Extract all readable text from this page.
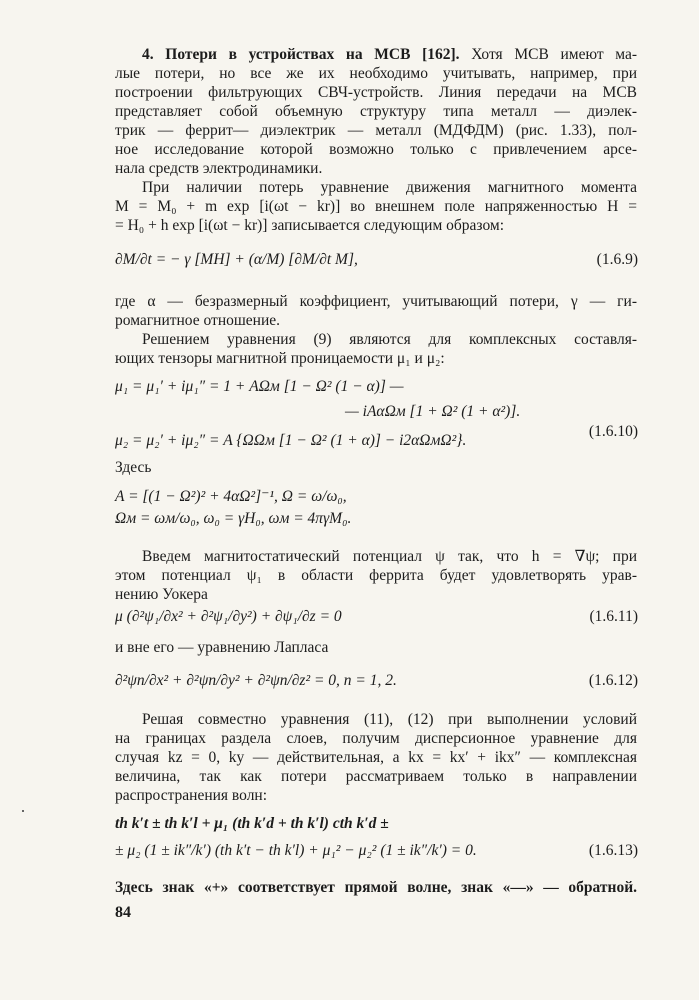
4. Потери в устройствах на МСВ [162]. Хотя МСВ имеют ма-
лые потери, но все же их необходимо учитывать, например, при
построении фильтрующих СВЧ-устройств. Линия передачи на МСВ
представляет собой объемную структуру типа металл — диэлек-
трик — феррит— диэлектрик — металл (МДФДМ) (рис. 1.33), пол-
ное исследование которой возможно только с привлечением арсе-
нала средств электродинамики.
При наличии потерь уравнение движения магнитного момента
M = M₀ + m exp [i(ωt − kr)] во внешнем поле напряженностью H =
= H₀ + h exp [i(ωt − kr)] записывается следующим образом:
∂M/∂t = − γ [MH] + (α/M) [∂M/∂t M],	(1.6.9)
где α — безразмерный коэффициент, учитывающий потери, γ — ги-
ромагнитное отношение.
Решением уравнения (9) являются для комплексных составля-
ющих тензоры магнитной проницаемости μ₁ и μ₂:
μ₁ = μ₁′ + iμ₁″ = 1 + AΩм [1 − Ω² (1 − α)] —
— iAαΩм [1 + Ω² (1 + α²)].
μ₂ = μ₂′ + iμ₂″ = A {ΩΩм [1 − Ω² (1 + α)] − i2αΩмΩ²}.
(1.6.10)
Здесь
A = [(1 − Ω²)² + 4αΩ²]⁻¹, Ω = ω/ω₀,
Ωм = ωм/ω₀, ω₀ = γH₀, ωм = 4πγM₀.
Введем магнитостатический потенциал ψ так, что h = ∇ψ; при
этом потенциал ψ₁ в области феррита будет удовлетворять урав-
нению Уокера
μ (∂²ψ₁/∂x² + ∂²ψ₁/∂y²) + ∂ψ₁/∂z = 0	(1.6.11)
и вне его — уравнению Лапласа
∂²ψn/∂x² + ∂²ψn/∂y² + ∂²ψn/∂z² = 0, n = 1, 2.	(1.6.12)
Решая совместно уравнения (11), (12) при выполнении условий
на границах раздела слоев, получим дисперсионное уравнение для
случая kz = 0, ky — действительная, а kx = kx′ + ikx″ — комплексная
величина, так как потери рассматриваем только в направлении
распространения волн:
th k′t ± th k′l + μ₁ (th k′d + th k′l) cth k′d ±
± μ₂ (1 ± ik″/k′) (th k′t − th k′l) + μ₁² − μ₂² (1 ± ik″/k′) = 0.	(1.6.13)
Здесь знак «+» соответствует прямой волне, знак «—» — обратной.
84
